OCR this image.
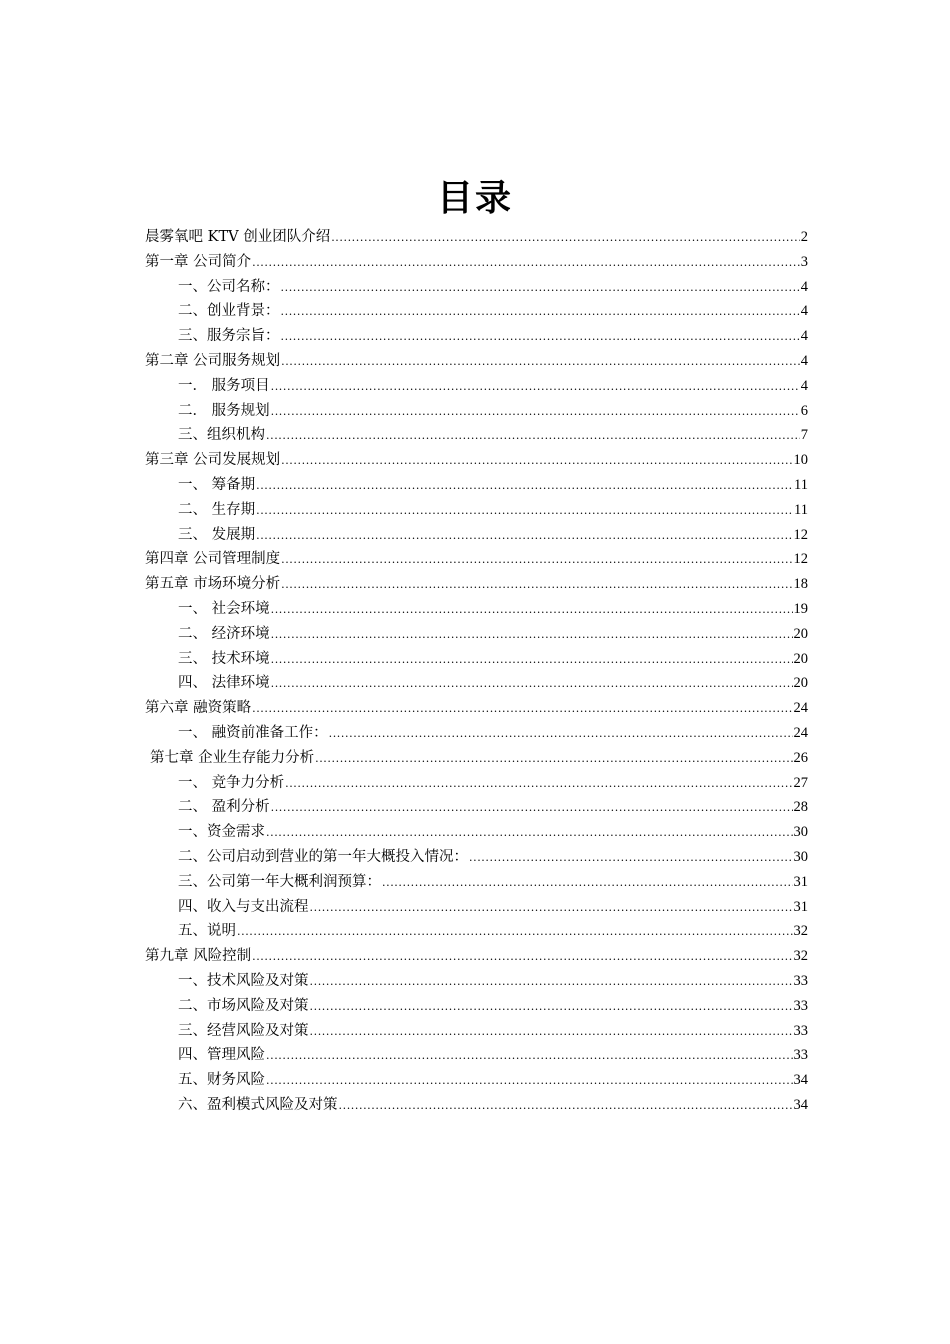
目录
晨雾氧吧 KTV 创业团队介绍 .....	2
第一章 公司简介 .....	3
一、公司名称： .....	4
二、创业背景： .....	4
三、服务宗旨： .....	4
第二章 公司服务规划 .....	4
一． 服务项目 .....	4
二． 服务规划 .....	6
三、组织机构 .....	7
第三章 公司发展规划 .....	10
一、 筹备期 .....	11
二、 生存期 .....	11
三、 发展期 .....	12
第四章 公司管理制度 .....	12
第五章 市场环境分析 .....	18
一、 社会环境 .....	19
二、 经济环境 .....	20
三、 技术环境 .....	20
四、 法律环境 .....	20
第六章 融资策略 .....	24
一、 融资前准备工作： .....	24
第七章 企业生存能力分析 .....	26
一、 竞争力分析 .....	27
二、 盈利分析 .....	28
一、资金需求 .....	30
二、公司启动到营业的第一年大概投入情况： .....	30
三、公司第一年大概利润预算： .....	31
四、收入与支出流程 .....	31
五、说明 .....	32
第九章 风险控制 .....	32
一、技术风险及对策 .....	33
二、市场风险及对策 .....	33
三、经营风险及对策 .....	33
四、管理风险 .....	33
五、财务风险 .....	34
六、盈利模式风险及对策 .....	34
